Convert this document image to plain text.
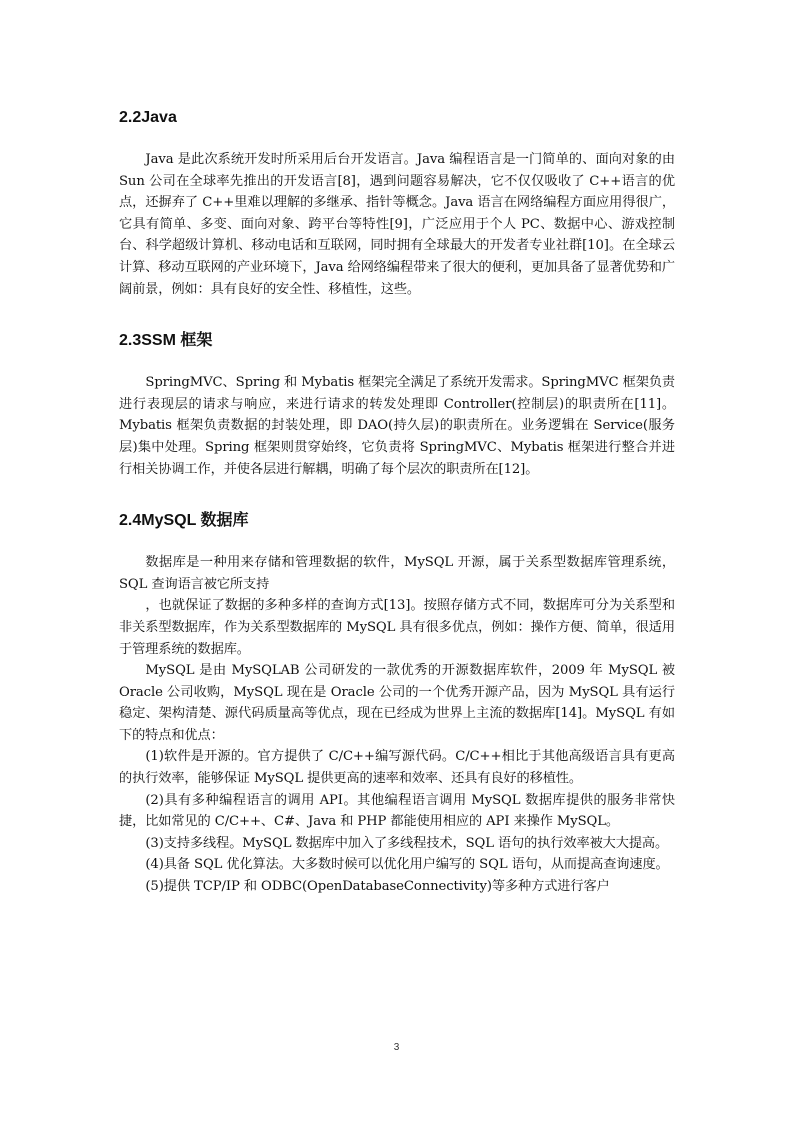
2.2Java

Java 是此次系统开发时所采用后台开发语言。Java 编程语言是一门简单的、面向对象的由 Sun 公司在全球率先推出的开发语言[8]，遇到问题容易解决，它不仅仅吸收了 C++语言的优点，还摒弃了 C++里难以理解的多继承、指针等概念。Java 语言在网络编程方面应用得很广，它具有简单、多变、面向对象、跨平台等特性[9]，广泛应用于个人 PC、数据中心、游戏控制台、科学超级计算机、移动电话和互联网，同时拥有全球最大的开发者专业社群[10]。在全球云计算、移动互联网的产业环境下，Java 给网络编程带来了很大的便利，更加具备了显著优势和广阔前景，例如：具有良好的安全性、移植性，这些。

2.3SSM 框架

SpringMVC、Spring 和 Mybatis 框架完全满足了系统开发需求。SpringMVC 框架负责进行表现层的请求与响应，来进行请求的转发处理即 Controller(控制层)的职责所在[11]。Mybatis 框架负责数据的封装处理，即 DAO(持久层)的职责所在。业务逻辑在 Service(服务层)集中处理。Spring 框架则贯穿始终，它负责将 SpringMVC、Mybatis 框架进行整合并进行相关协调工作，并使各层进行解耦，明确了每个层次的职责所在[12]。

2.4MySQL 数据库

数据库是一种用来存储和管理数据的软件，MySQL 开源，属于关系型数据库管理系统，SQL 查询语言被它所支持

，也就保证了数据的多种多样的查询方式[13]。按照存储方式不同，数据库可分为关系型和非关系型数据库，作为关系型数据库的 MySQL 具有很多优点，例如：操作方便、简单，很适用于管理系统的数据库。

MySQL 是由 MySQLAB 公司研发的一款优秀的开源数据库软件，2009 年 MySQL 被 Oracle 公司收购，MySQL 现在是 Oracle 公司的一个优秀开源产品，因为 MySQL 具有运行稳定、架构清楚、源代码质量高等优点，现在已经成为世界上主流的数据库[14]。MySQL 有如下的特点和优点：

(1)软件是开源的。官方提供了 C/C++编写源代码。C/C++相比于其他高级语言具有更高的执行效率，能够保证 MySQL 提供更高的速率和效率、还具有良好的移植性。

(2)具有多种编程语言的调用 API。其他编程语言调用 MySQL 数据库提供的服务非常快捷，比如常见的 C/C++、C#、Java 和 PHP 都能使用相应的 API 来操作 MySQL。

(3)支持多线程。MySQL 数据库中加入了多线程技术，SQL 语句的执行效率被大大提高。

(4)具备 SQL 优化算法。大多数时候可以优化用户编写的 SQL 语句，从而提高查询速度。

(5)提供 TCP/IP 和 ODBC(OpenDatabaseConnectivity)等多种方式进行客户

3
